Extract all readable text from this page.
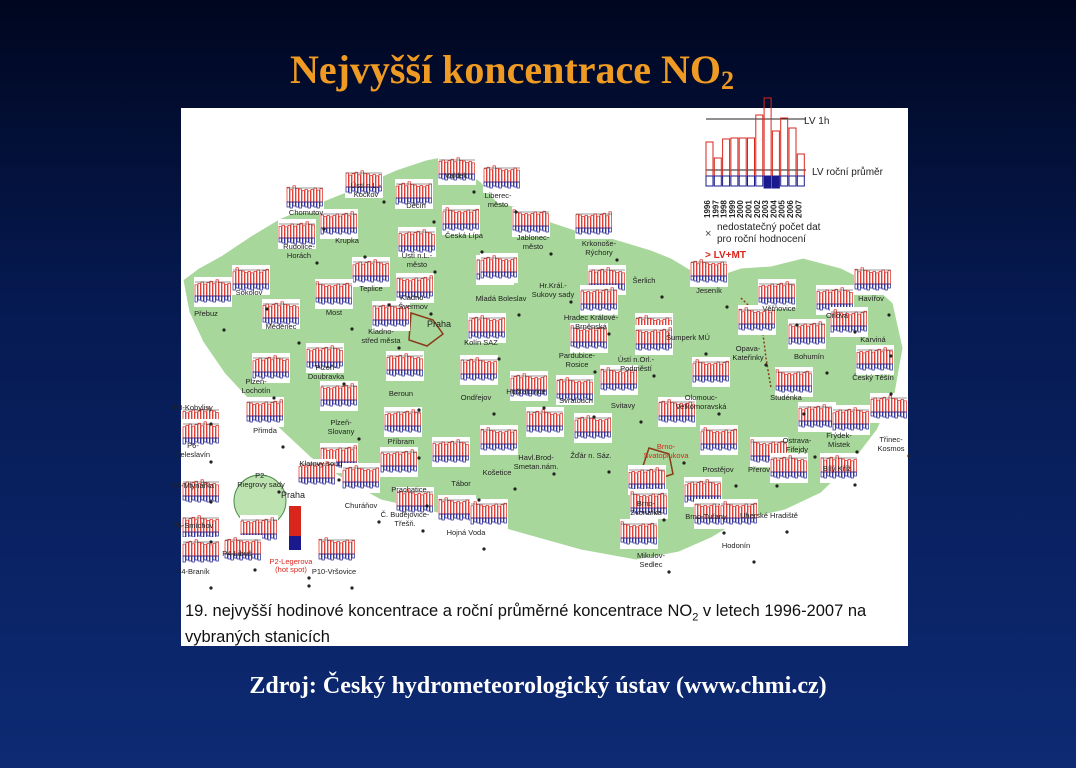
Nejvyšší koncentrace $NO_2$
Praha
Praha
Valdek
Ústí n.L.-
Kočkov
Děčín
Liberec-
město
Chomutov
Česká Lípa	Jablonec-
město	Krkonoše-
Rýchory
Krupka
Rudolice-
Horách	Ústí n.L.-
město
Teplice
Šerlich
Mladá Boleslav
Hr.Král.-
Sukovy sady	Jeseník
Havířov
Sokolov
Most
Kladno-
Švermov
Hradec Králové-
Brněnská
Věřňovice
Orlová
Přebuz
Měděnec
Kladno-
střed města	Kolín SAZ
Šumperk MÚ
Opava-
Kateřinky
Karviná
Pardubice-
Rosice
Ústí n.Orl.-
Podměstí
Bohumín
Český Těšín
Plzeň-
Doubravka
Plzeň-
Lochotín	Beroun	Ondřejov
Hošťalovice
Svratouch
Svitavy
Olomouc-
Velkomoravská
Studénka
P8-Kobylisy
Přimda
Plzeň-
Slovany
Příbram	Ostrava-
Fifejdy
Frýdek-
Místek
Třinec-
Kosmos
P6-
Veleslavín
Brno-
Svatoplukova
Havl.Brod-
Smetan.nám.
Žďár n. Sáz.
Klatovy soud
Košetice
P2-
Riegrovy sady
Prostějov Přerov	Bílý Kříž
P5-Mlynářka	Prachatice
Tábor
Churáňov
Uherské Hradiště
Brno-
Zvonařka
P5-Smíchov
Č. Budějovice-
Třešň.
Hojná Voda
Brno-Tuřany
P4-Libuš
P2-Legerova
(hot spot)
Hodonín
P4-Braník	P10-Vršovice
Mikulov-
Sedlec
LV 1h
LV roční průměr
1996 1997 1998 1999 2000 2001 2002 2003 2004 2005 2006 2007
×
nedostatečný počet dat
pro roční hodnocení
> LV+MT
19. nejvyšší hodinové koncentrace a roční průměrné koncentrace $NO_2$ v letech 1996-2007 na vybraných stanicích
Zdroj: Český hydrometeorologický ústav (www.chmi.cz)
